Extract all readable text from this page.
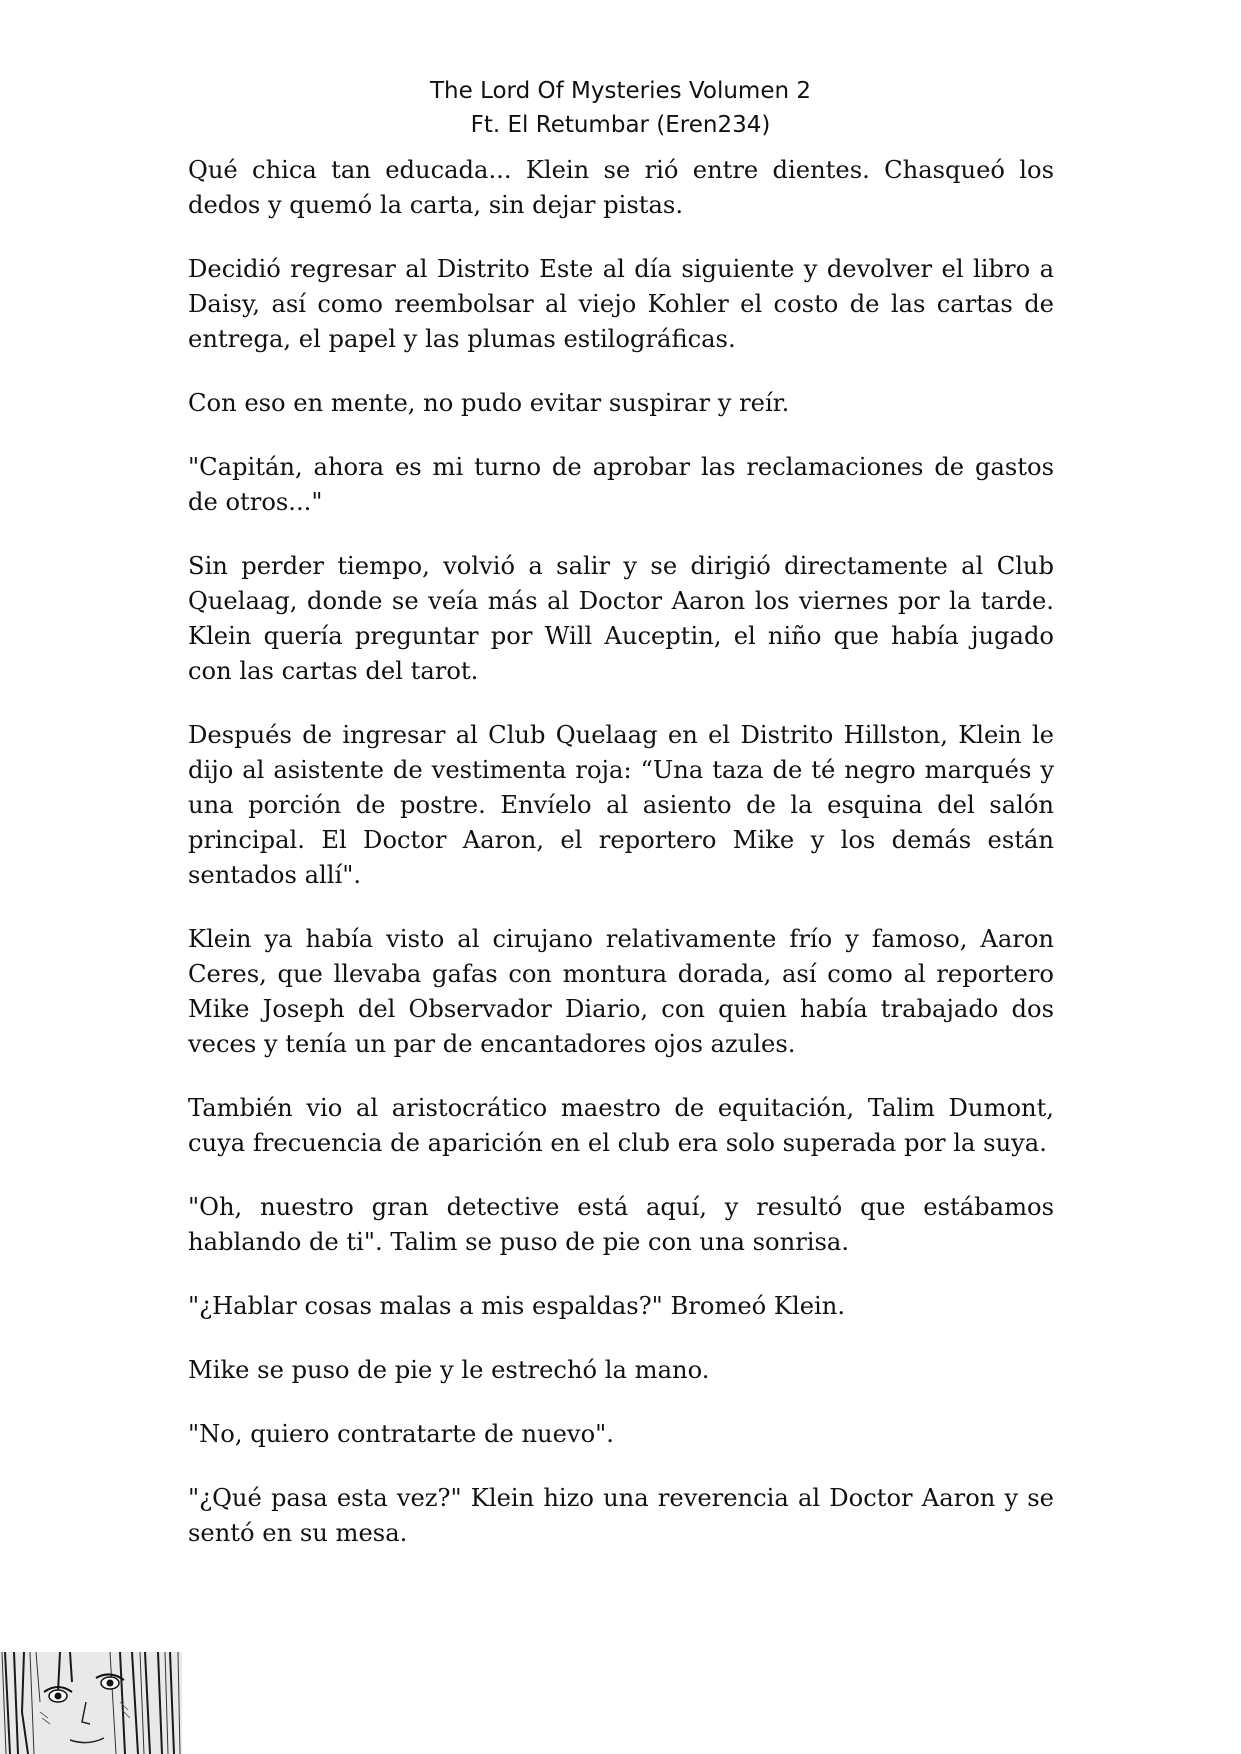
The Lord Of Mysteries Volumen 2
Ft. El Retumbar (Eren234)

Qué chica tan educada... Klein se rió entre dientes. Chasqueó los dedos y quemó la carta, sin dejar pistas.

Decidió regresar al Distrito Este al día siguiente y devolver el libro a Daisy, así como reembolsar al viejo Kohler el costo de las cartas de entrega, el papel y las plumas estilográficas.

Con eso en mente, no pudo evitar suspirar y reír.

"Capitán, ahora es mi turno de aprobar las reclamaciones de gastos de otros..."

Sin perder tiempo, volvió a salir y se dirigió directamente al Club Quelaag, donde se veía más al Doctor Aaron los viernes por la tarde. Klein quería preguntar por Will Auceptin, el niño que había jugado con las cartas del tarot.

Después de ingresar al Club Quelaag en el Distrito Hillston, Klein le dijo al asistente de vestimenta roja: “Una taza de té negro marqués y una porción de postre. Envíelo al asiento de la esquina del salón principal. El Doctor Aaron, el reportero Mike y los demás están sentados allí".

Klein ya había visto al cirujano relativamente frío y famoso, Aaron Ceres, que llevaba gafas con montura dorada, así como al reportero Mike Joseph del Observador Diario, con quien había trabajado dos veces y tenía un par de encantadores ojos azules.

También vio al aristocrático maestro de equitación, Talim Dumont, cuya frecuencia de aparición en el club era solo superada por la suya.

"Oh, nuestro gran detective está aquí, y resultó que estábamos hablando de ti". Talim se puso de pie con una sonrisa.

"¿Hablar cosas malas a mis espaldas?" Bromeó Klein.

Mike se puso de pie y le estrechó la mano.

"No, quiero contratarte de nuevo".

"¿Qué pasa esta vez?" Klein hizo una reverencia al Doctor Aaron y se sentó en su mesa.
